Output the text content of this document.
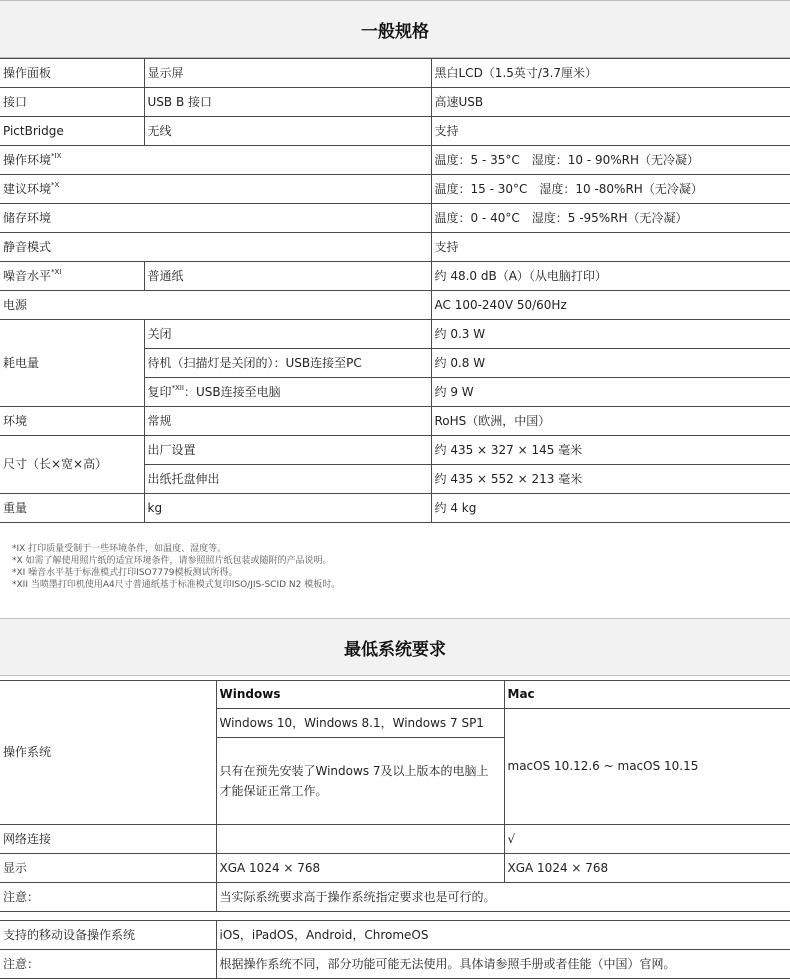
一般规格
操作面板	显示屏	黑白LCD（1.5英寸/3.7厘米）
接口	USB B 接口	高速USB
PictBridge	无线	支持
操作环境$^{*IX}$		温度：5 - 35°C　湿度：10 - 90%RH（无冷凝）
建议环境$^{*X}$		温度：15 - 30°C　湿度：10 -80%RH（无冷凝）
储存环境		温度：0 - 40°C　湿度：5 -95%RH（无冷凝）
静音模式		支持
噪音水平$^{*XI}$	普通纸	约 48.0 dB（A）（从电脑打印）
电源		AC 100-240V 50/60Hz
耗电量	关闭	约 0.3 W
	待机（扫描灯是关闭的）：USB连接至PC	约 0.8 W
	复印$^{*XII}$：USB连接至电脑	约 9 W
环境	常规	RoHS（欧洲，中国）
尺寸（长×宽×高）	出厂设置	约 435 × 327 × 145 毫米
	出纸托盘伸出	约 435 × 552 × 213 毫米
重量	kg	约 4 kg
*IX 打印质量受制于一些环境条件，如温度、湿度等。
*X 如需了解使用照片纸的适宜环境条件，请参照照片纸包装或随附的产品说明。
*XI 噪音水平基于标准模式打印ISO7779模板测试所得。
*XII 当喷墨打印机使用A4尺寸普通纸基于标准模式复印ISO/JIS-SCID N2 模板时。
最低系统要求
操作系统	Windows	Mac
	Windows 10，Windows 8.1，Windows 7 SP1	macOS 10.12.6 ~ macOS 10.15
	只有在预先安装了Windows 7及以上版本的电脑上才能保证正常工作。	
网络连接		√
显示	XGA 1024 × 768	XGA 1024 × 768
注意：	当实际系统要求高于操作系统指定要求也是可行的。	
支持的移动设备操作系统	iOS，iPadOS，Android，ChromeOS
注意：	根据操作系统不同，部分功能可能无法使用。具体请参照手册或者佳能（中国）官网。
